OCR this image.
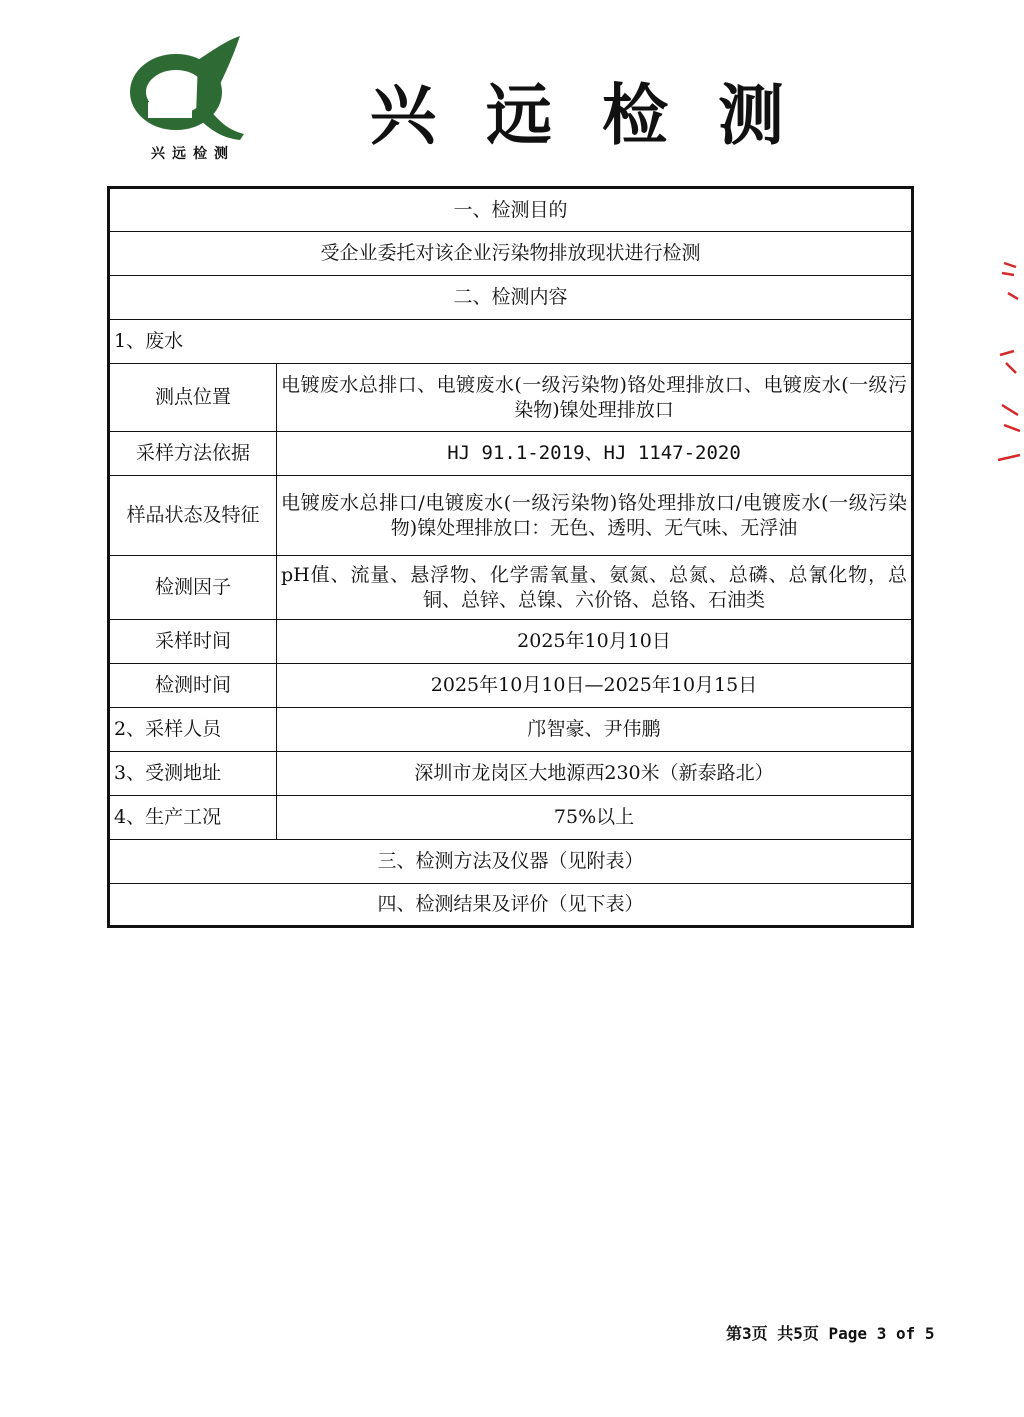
兴远检测 兴远检测
一、检测目的	
受企业委托对该企业污染物排放现状进行检测	
二、检测内容	
1、废水	
测点位置	电镀废水总排口、电镀废水(一级污染物)铬处理排放口、电镀废水(一级污染物)镍处理排放口
采样方法依据	HJ 91.1-2019、HJ 1147-2020
样品状态及特征	电镀废水总排口/电镀废水(一级污染物)铬处理排放口/电镀废水(一级污染物)镍处理排放口：无色、透明、无气味、无浮油
检测因子	pH值、流量、悬浮物、化学需氧量、氨氮、总氮、总磷、总氰化物，总铜、总锌、总镍、六价铬、总铬、石油类
采样时间	2025年10月10日
检测时间	2025年10月10日—2025年10月15日
2、采样人员	邝智豪、尹伟鹏
3、受测地址	深圳市龙岗区大地源西230米（新泰路北）
4、生产工况	75%以上
三、检测方法及仪器（见附表）	
四、检测结果及评价（见下表）	
第3页 共5页 Page 3 of 5
